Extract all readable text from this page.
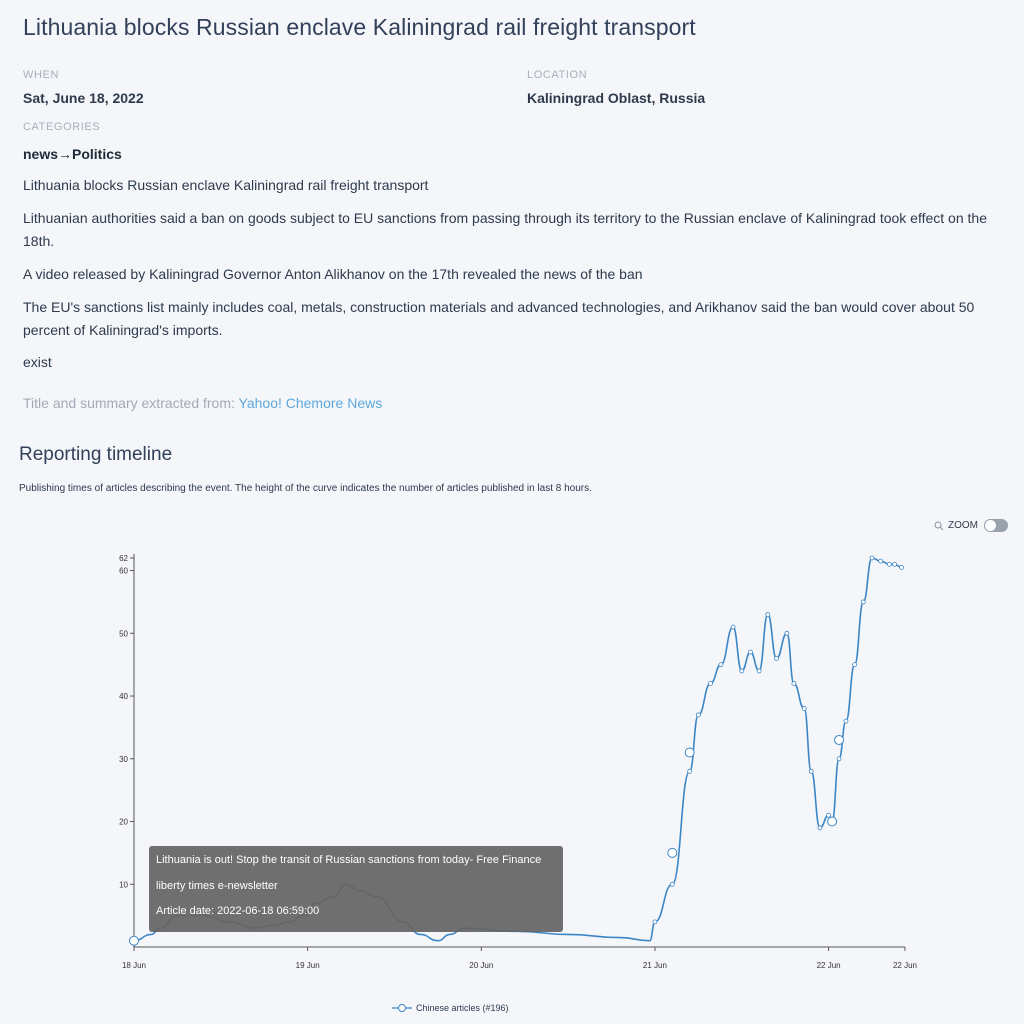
Lithuania blocks Russian enclave Kaliningrad rail freight transport
WHEN
Sat, June 18, 2022
LOCATION
Kaliningrad Oblast, Russia
CATEGORIES
news→Politics

Lithuania blocks Russian enclave Kaliningrad rail freight transport

Lithuanian authorities said a ban on goods subject to EU sanctions from passing through its territory to the Russian enclave of Kaliningrad took effect on the 18th.

A video released by Kaliningrad Governor Anton Alikhanov on the 17th revealed the news of the ban

The EU's sanctions list mainly includes coal, metals, construction materials and advanced technologies, and Arikhanov said the ban would cover about 50 percent of Kaliningrad's imports.

exist

Title and summary extracted from: Yahoo! Chemore News
Reporting timeline
Publishing times of articles describing the event. The height of the curve indicates the number of articles published in last 8 hours.
ZOOM
10
20
30
40
50
60
62
18 Jun	19 Jun	20 Jun	21 Jun	22 Jun	22 Jun
Lithuania is out! Stop the transit of Russian sanctions from today- Free Finance
liberty times e-newsletter
Article date: 2022-06-18 06:59:00
Chinese articles (#196)
